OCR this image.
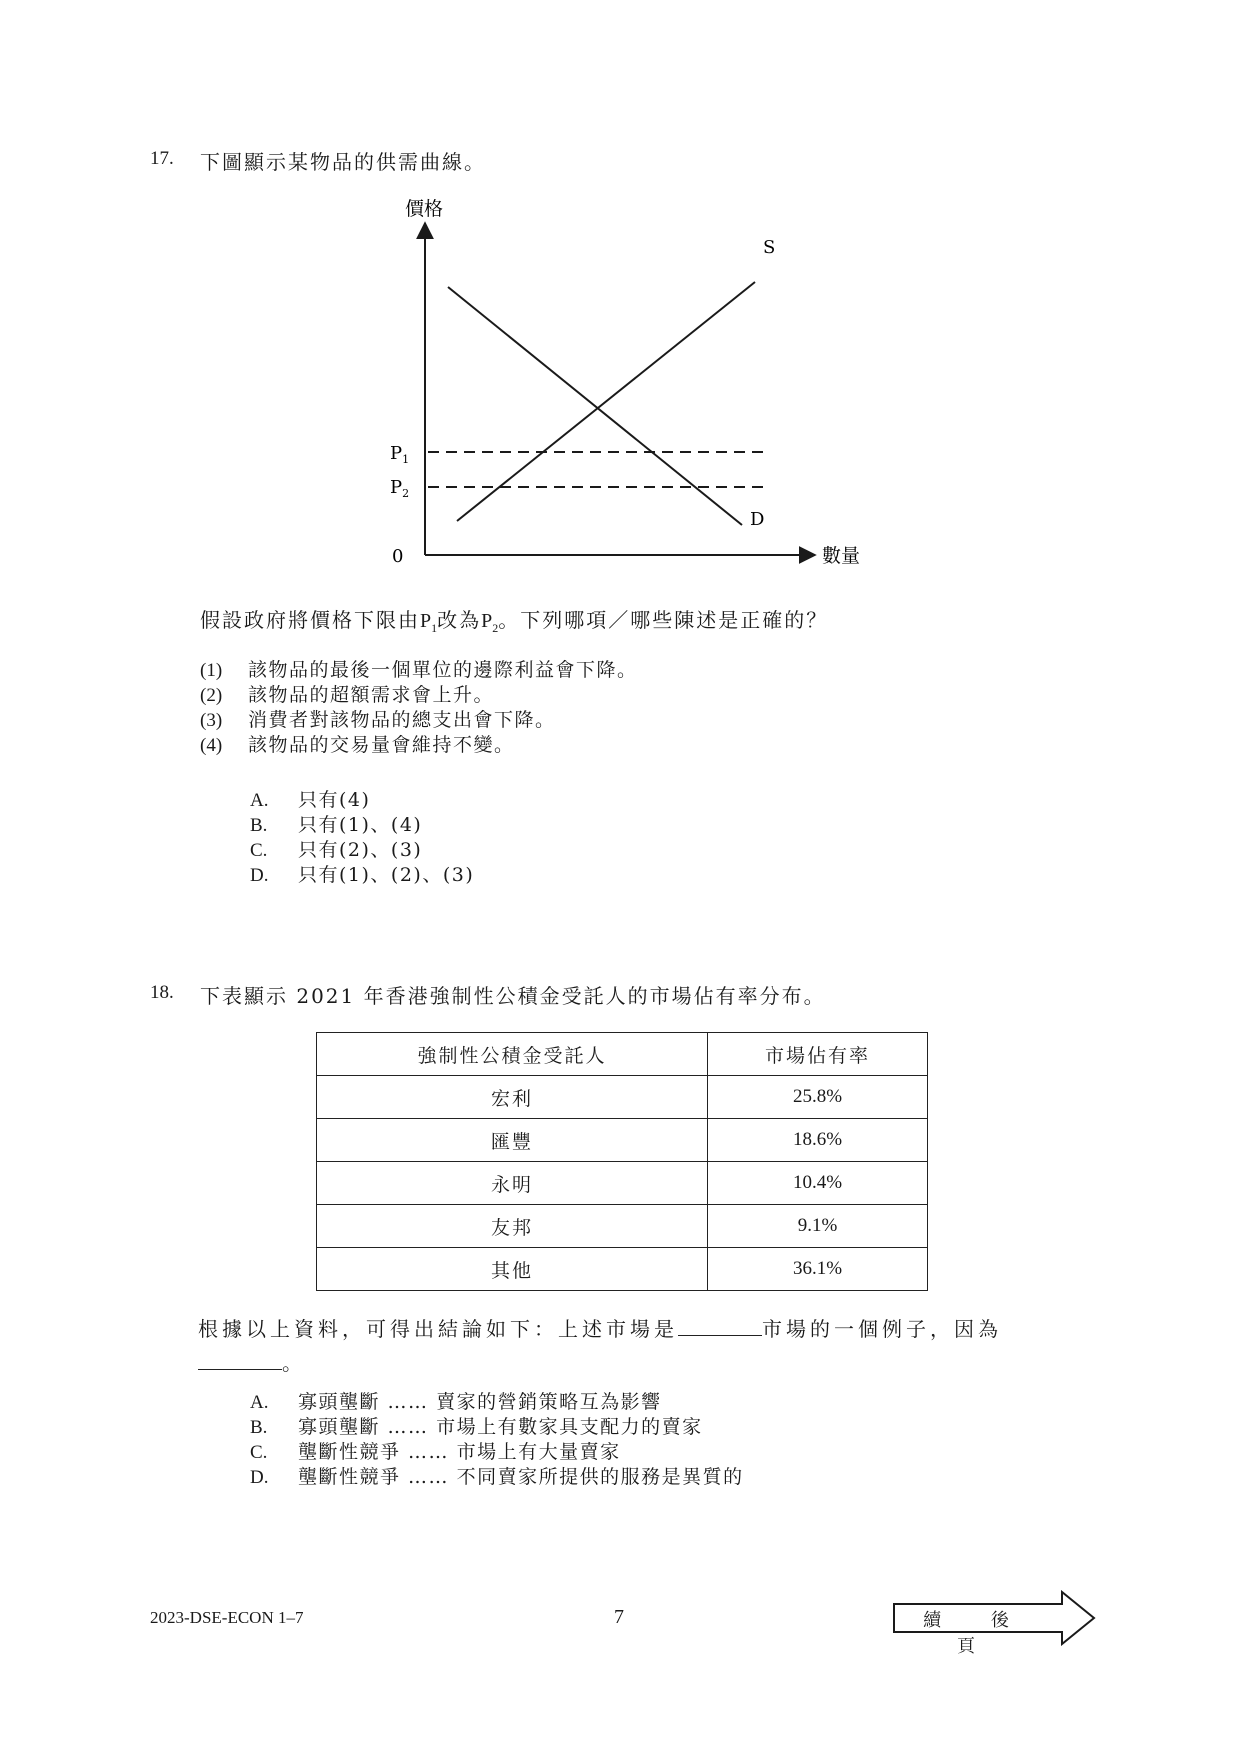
17. 下圖顯示某物品的供需曲線。
價格
數量
0
$P_1$
$P_2$
S
D
假設政府將價格下限由$P_1$改為$P_2$。下列哪項／哪些陳述是正確的？
(1) 該物品的最後一個單位的邊際利益會下降。
(2) 該物品的超額需求會上升。
(3) 消費者對該物品的總支出會下降。
(4) 該物品的交易量會維持不變。
A. 只有(4)
B. 只有(1)、(4)
C. 只有(2)、(3)
D. 只有(1)、(2)、(3)
18. 下表顯示 2021 年香港強制性公積金受託人的市場佔有率分布。
強制性公積金受託人	市場佔有率
宏利	25.8%
匯豐	18.6%
永明	10.4%
友邦	9.1%
其他	36.1%
根據以上資料，可得出結論如下：上述市場是	市場的一個例子，因為
。
A. 寡頭壟斷 …… 賣家的營銷策略互為影響
B. 寡頭壟斷 …… 市場上有數家具支配力的賣家
C. 壟斷性競爭 …… 市場上有大量賣家
D. 壟斷性競爭 …… 不同賣家所提供的服務是異質的
2023-DSE-ECON 1–7	7	續 後 頁
